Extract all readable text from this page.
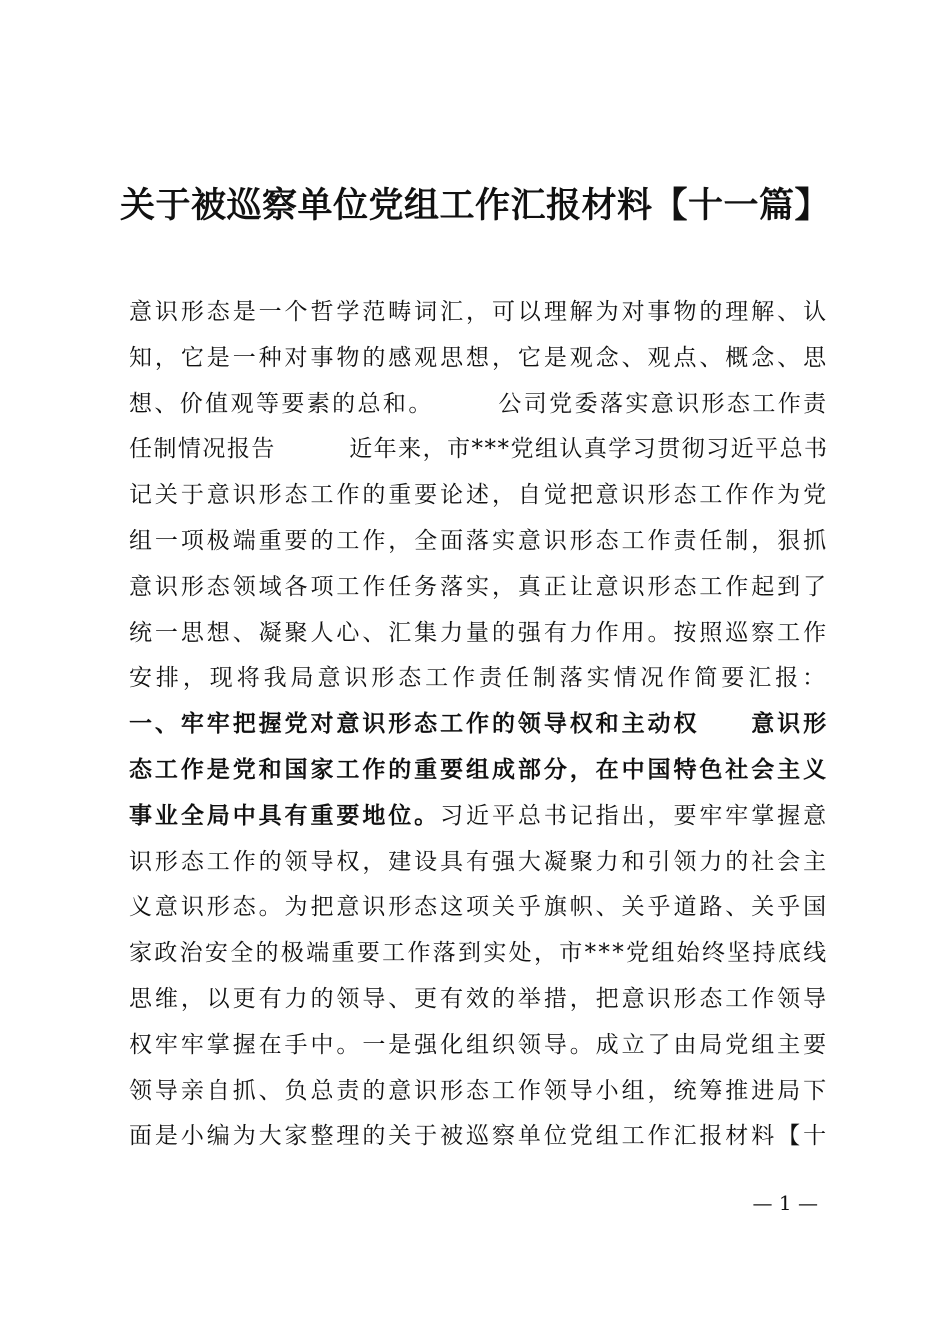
关于被巡察单位党组工作汇报材料【十一篇】
意识形态是一个哲学范畴词汇，可以理解为对事物的理解、认
知，它是一种对事物的感观思想，它是观念、观点、概念、思
想、价值观等要素的总和。　　　公司党委落实意识形态工作责
任制情况报告　　　近年来，市***党组认真学习贯彻习近平总书
记关于意识形态工作的重要论述，自觉把意识形态工作作为党
组一项极端重要的工作，全面落实意识形态工作责任制，狠抓
意识形态领域各项工作任务落实，真正让意识形态工作起到了
统一思想、凝聚人心、汇集力量的强有力作用。按照巡察工作
安排，现将我局意识形态工作责任制落实情况作简要汇报：
一、牢牢把握党对意识形态工作的领导权和主动权　　意识形
态工作是党和国家工作的重要组成部分，在中国特色社会主义
事业全局中具有重要地位。习近平总书记指出，要牢牢掌握意
识形态工作的领导权，建设具有强大凝聚力和引领力的社会主
义意识形态。为把意识形态这项关乎旗帜、关乎道路、关乎国
家政治安全的极端重要工作落到实处，市***党组始终坚持底线
思维，以更有力的领导、更有效的举措，把意识形态工作领导
权牢牢掌握在手中。一是强化组织领导。成立了由局党组主要
领导亲自抓、负总责的意识形态工作领导小组，统筹推进局下
面是小编为大家整理的关于被巡察单位党组工作汇报材料【十
— 1 —
